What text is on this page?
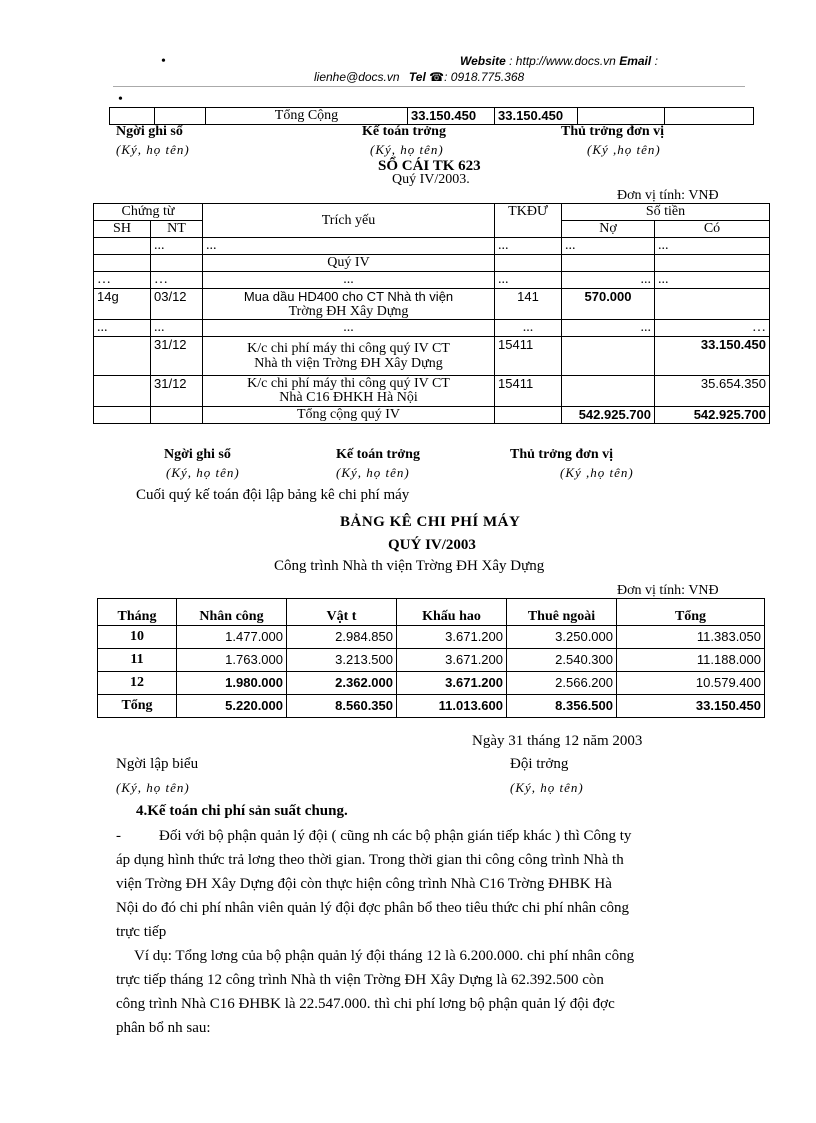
•	Website : http://www.docs.vn Email :
lienhe@docs.vn Tel ☎: 0918.775.368
•
		Tổng Cộng	33.150.450	33.150.450		
Ngời ghi sổ
(Ký, họ tên)
Kế toán trởng
(Ký, họ tên)
Thủ trởng đơn vị
(Ký ,họ tên)
SỔ CÁI TK 623
Quý IV/2003.
Đơn vị tính: VNĐ
Chứng từ		Trích yếu	TKĐƯ	Số tiền	
SH	NT			Nợ	Có
	...	...	...	...	...
		Quý IV			
…	…	...	...	...	...
14g	03/12	Mua dầu HD400 cho CT Nhà th viện
Trờng ĐH Xây Dựng	141	570.000	
...	...	...	...	...	…
	31/12	K/c chi phí máy thi công quý IV CT
Nhà th viện Trờng ĐH Xây Dựng	15411		33.150.450
	31/12	K/c chi phí máy thi công quý IV CT
Nhà C16 ĐHKH Hà Nội	15411		35.654.350
		Tổng cộng quý IV		542.925.700	542.925.700
Ngời ghi sổ
(Ký, họ tên)
Kế toán trởng
(Ký, họ tên)
Thủ trởng đơn vị
(Ký ,họ tên)
Cuối quý kế toán đội lập bảng kê chi phí máy
BẢNG KÊ CHI PHÍ MÁY
QUÝ IV/2003
Công trình Nhà th viện Trờng ĐH Xây Dựng
Đơn vị tính: VNĐ
Tháng	Nhân công	Vật t	Khấu hao	Thuê ngoài	Tổng
10	1.477.000	2.984.850	3.671.200	3.250.000	11.383.050
11	1.763.000	3.213.500	3.671.200	2.540.300	11.188.000
12	1.980.000	2.362.000	3.671.200	2.566.200	10.579.400
Tổng	5.220.000	8.560.350	11.013.600	8.356.500	33.150.450
Ngày 31 tháng 12 năm 2003
Ngời lập biểu
(Ký, họ tên)
Đội trởng
(Ký, họ tên)
4.Kế toán chi phí sản suất chung.
-	Đối với bộ phận quản lý đội ( cũng nh các bộ phận gián tiếp khác ) thì Công ty
áp dụng hình thức trả lơng theo thời gian. Trong thời gian thi công công trình Nhà th
viện Trờng ĐH Xây Dựng đội còn thực hiện công trình Nhà C16 Trờng ĐHBK Hà
Nội do đó chi phí nhân viên quản lý đội đợc phân bổ theo tiêu thức chi phí nhân công
trực tiếp
Ví dụ: Tổng lơng của bộ phận quản lý đội tháng 12 là 6.200.000. chi phí nhân công
trực tiếp tháng 12 công trình Nhà th viện Trờng ĐH Xây Dựng là 62.392.500 còn
công trình Nhà C16 ĐHBK là 22.547.000. thì chi phí lơng bộ phận quản lý đội đợc
phân bổ nh sau:
